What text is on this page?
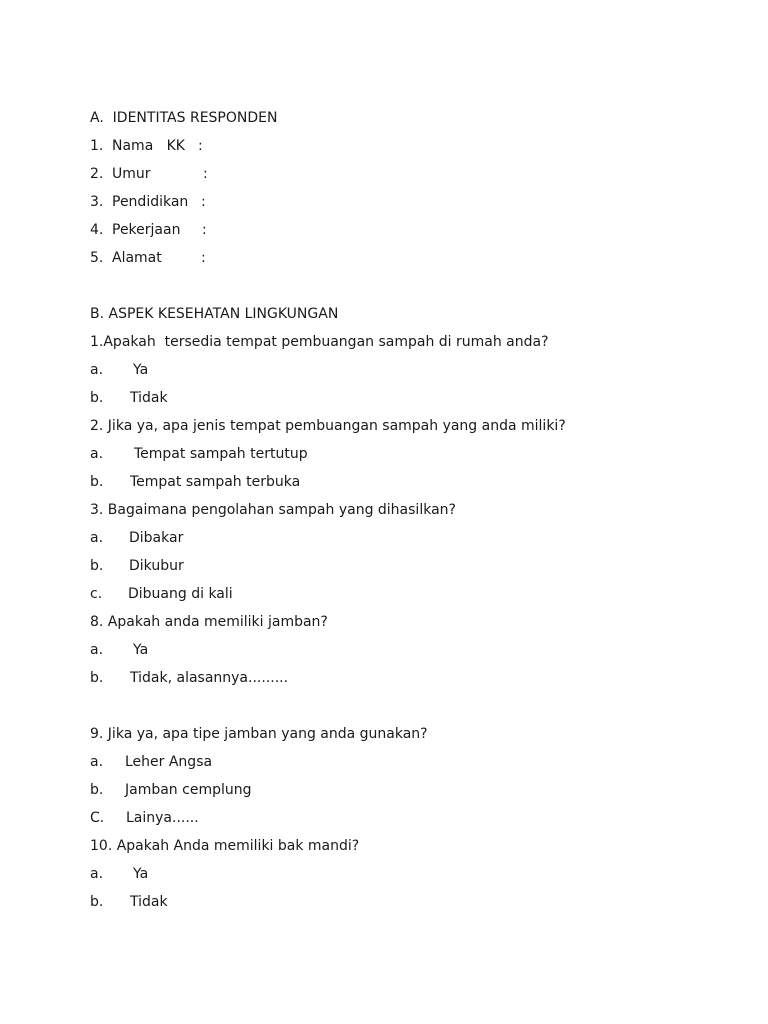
A.  IDENTITAS RESPONDEN

1.

Nama   KK

:

2.

Umur

	:

3.

Pendidikan

:

4.

Pekerjaan

:

5.

Alamat

	:

B. ASPEK KESEHATAN LINGKUNGAN
1.Apakah  tersedia tempat pembuangan sampah di rumah anda?

a.

Ya

b.

Tidak

2. Jika ya, apa jenis tempat pembuangan sampah yang anda miliki?

a.

Tempat sampah tertutup

b.

Tempat sampah terbuka

3. Bagaimana pengolahan sampah yang dihasilkan?

a.

Dibakar

b.

Dikubur

c.

Dibuang di kali

8. Apakah anda memiliki jamban?

a.

Ya

b.

Tidak, alasannya.........

9. Jika ya, apa tipe jamban yang anda gunakan?

a.

Leher Angsa

b.

Jamban cemplung

C.

Lainya......

10. Apakah Anda memiliki bak mandi?

a.

Ya

b.

Tidak
